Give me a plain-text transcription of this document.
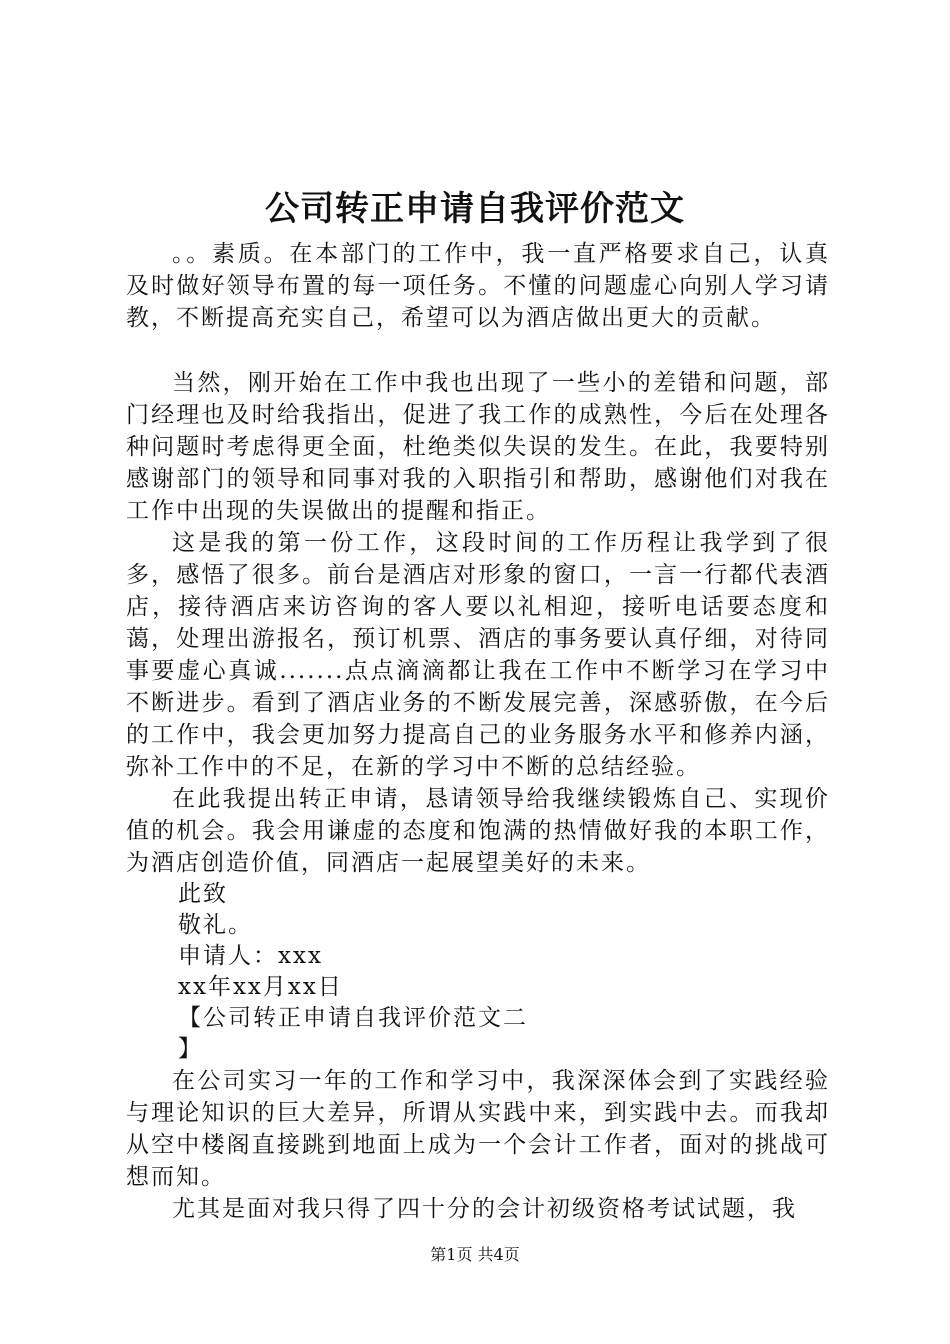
公司转正申请自我评价范文

。。素质。在本部门的工作中，我一直严格要求自己，认真及时做好领导布置的每一项任务。不懂的问题虚心向别人学习请教，不断提高充实自己，希望可以为酒店做出更大的贡献。

当然，刚开始在工作中我也出现了一些小的差错和问题，部门经理也及时给我指出，促进了我工作的成熟性，今后在处理各种问题时考虑得更全面，杜绝类似失误的发生。在此，我要特别感谢部门的领导和同事对我的入职指引和帮助，感谢他们对我在工作中出现的失误做出的提醒和指正。

这是我的第一份工作，这段时间的工作历程让我学到了很多，感悟了很多。前台是酒店对形象的窗口，一言一行都代表酒店，接待酒店来访咨询的客人要以礼相迎，接听电话要态度和蔼，处理出游报名，预订机票、酒店的事务要认真仔细，对待同事要虚心真诚.......点点滴滴都让我在工作中不断学习在学习中不断进步。看到了酒店业务的不断发展完善，深感骄傲，在今后的工作中，我会更加努力提高自己的业务服务水平和修养内涵，弥补工作中的不足，在新的学习中不断的总结经验。

在此我提出转正申请，恳请领导给我继续锻炼自己、实现价值的机会。我会用谦虚的态度和饱满的热情做好我的本职工作，为酒店创造价值，同酒店一起展望美好的未来。

此致

敬礼。

申请人：xxx

xx年xx月xx日

【公司转正申请自我评价范文二

】

在公司实习一年的工作和学习中，我深深体会到了实践经验与理论知识的巨大差异，所谓从实践中来，到实践中去。而我却从空中楼阁直接跳到地面上成为一个会计工作者，面对的挑战可想而知。

尤其是面对我只得了四十分的会计初级资格考试试题，我

第1页 共4页
